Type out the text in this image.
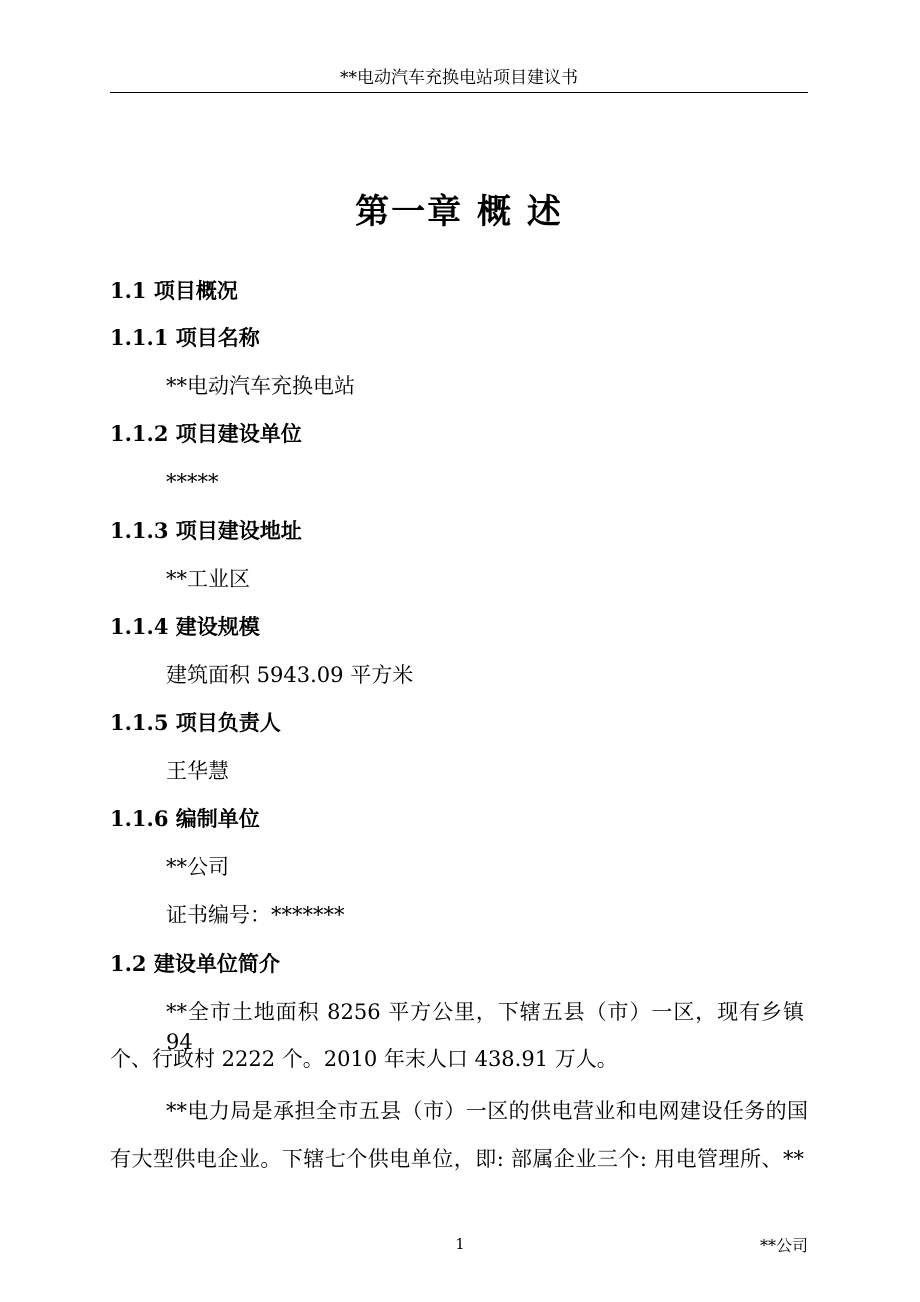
**电动汽车充换电站项目建议书
第一章 概 述
1.1 项目概况
1.1.1 项目名称
**电动汽车充换电站
1.1.2 项目建设单位
*****
1.1.3 项目建设地址
**工业区
1.1.4 建设规模
建筑面积 5943.09 平方米
1.1.5 项目负责人
王华慧
1.1.6 编制单位
**公司
证书编号：*******
1.2 建设单位简介
**全市土地面积 8256 平方公里，下辖五县（市）一区，现有乡镇 94
个、行政村 2222 个。2010 年末人口 438.91 万人。
**电力局是承担全市五县（市）一区的供电营业和电网建设任务的国
有大型供电企业。下辖七个供电单位，即: 部属企业三个: 用电管理所、**
1	**公司
